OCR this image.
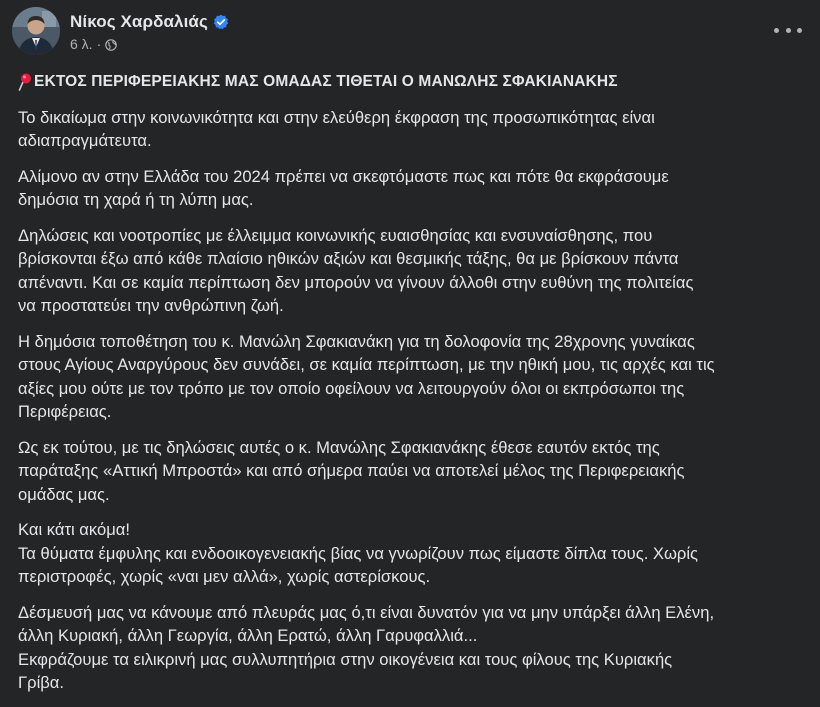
Νίκος Χαρδαλιάς
6 λ. ·
ΕΚΤΟΣ ΠΕΡΙΦΕΡΕΙΑΚΗΣ ΜΑΣ ΟΜΑΔΑΣ ΤΙΘΕΤΑΙ Ο ΜΑΝΩΛΗΣ ΣΦΑΚΙΑΝΑΚΗΣ

Το δικαίωμα στην κοινωνικότητα και στην ελεύθερη έκφραση της προσωπικότητας είναι
αδιαπραγμάτευτα.

Αλίμονο αν στην Ελλάδα του 2024 πρέπει να σκεφτόμαστε πως και πότε θα εκφράσουμε
δημόσια τη χαρά ή τη λύπη μας.

Δηλώσεις και νοοτροπίες με έλλειμμα κοινωνικής ευαισθησίας και ενσυναίσθησης, που
βρίσκονται έξω από κάθε πλαίσιο ηθικών αξιών και θεσμικής τάξης, θα με βρίσκουν πάντα
απέναντι. Και σε καμία περίπτωση δεν μπορούν να γίνουν άλλοθι στην ευθύνη της πολιτείας
να προστατεύει την ανθρώπινη ζωή.

Η δημόσια τοποθέτηση του κ. Μανώλη Σφακιανάκη για τη δολοφονία της 28χρονης γυναίκας
στους Αγίους Αναργύρους δεν συνάδει, σε καμία περίπτωση, με την ηθική μου, τις αρχές και τις
αξίες μου ούτε με τον τρόπο με τον οποίο οφείλουν να λειτουργούν όλοι οι εκπρόσωποι της
Περιφέρειας.

Ως εκ τούτου, με τις δηλώσεις αυτές ο κ. Μανώλης Σφακιανάκης έθεσε εαυτόν εκτός της
παράταξης «Αττική Μπροστά» και από σήμερα παύει να αποτελεί μέλος της Περιφερειακής
ομάδας μας.

Και κάτι ακόμα!
Τα θύματα έμφυλης και ενδοοικογενειακής βίας να γνωρίζουν πως είμαστε δίπλα τους. Χωρίς
περιστροφές, χωρίς «ναι μεν αλλά», χωρίς αστερίσκους.

Δέσμευσή μας να κάνουμε από πλευράς μας ό,τι είναι δυνατόν για να μην υπάρξει άλλη Ελένη,
άλλη Κυριακή, άλλη Γεωργία, άλλη Ερατώ, άλλη Γαρυφαλλιά...
Εκφράζουμε τα ειλικρινή μας συλλυπητήρια στην οικογένεια και τους φίλους της Κυριακής
Γρίβα.
